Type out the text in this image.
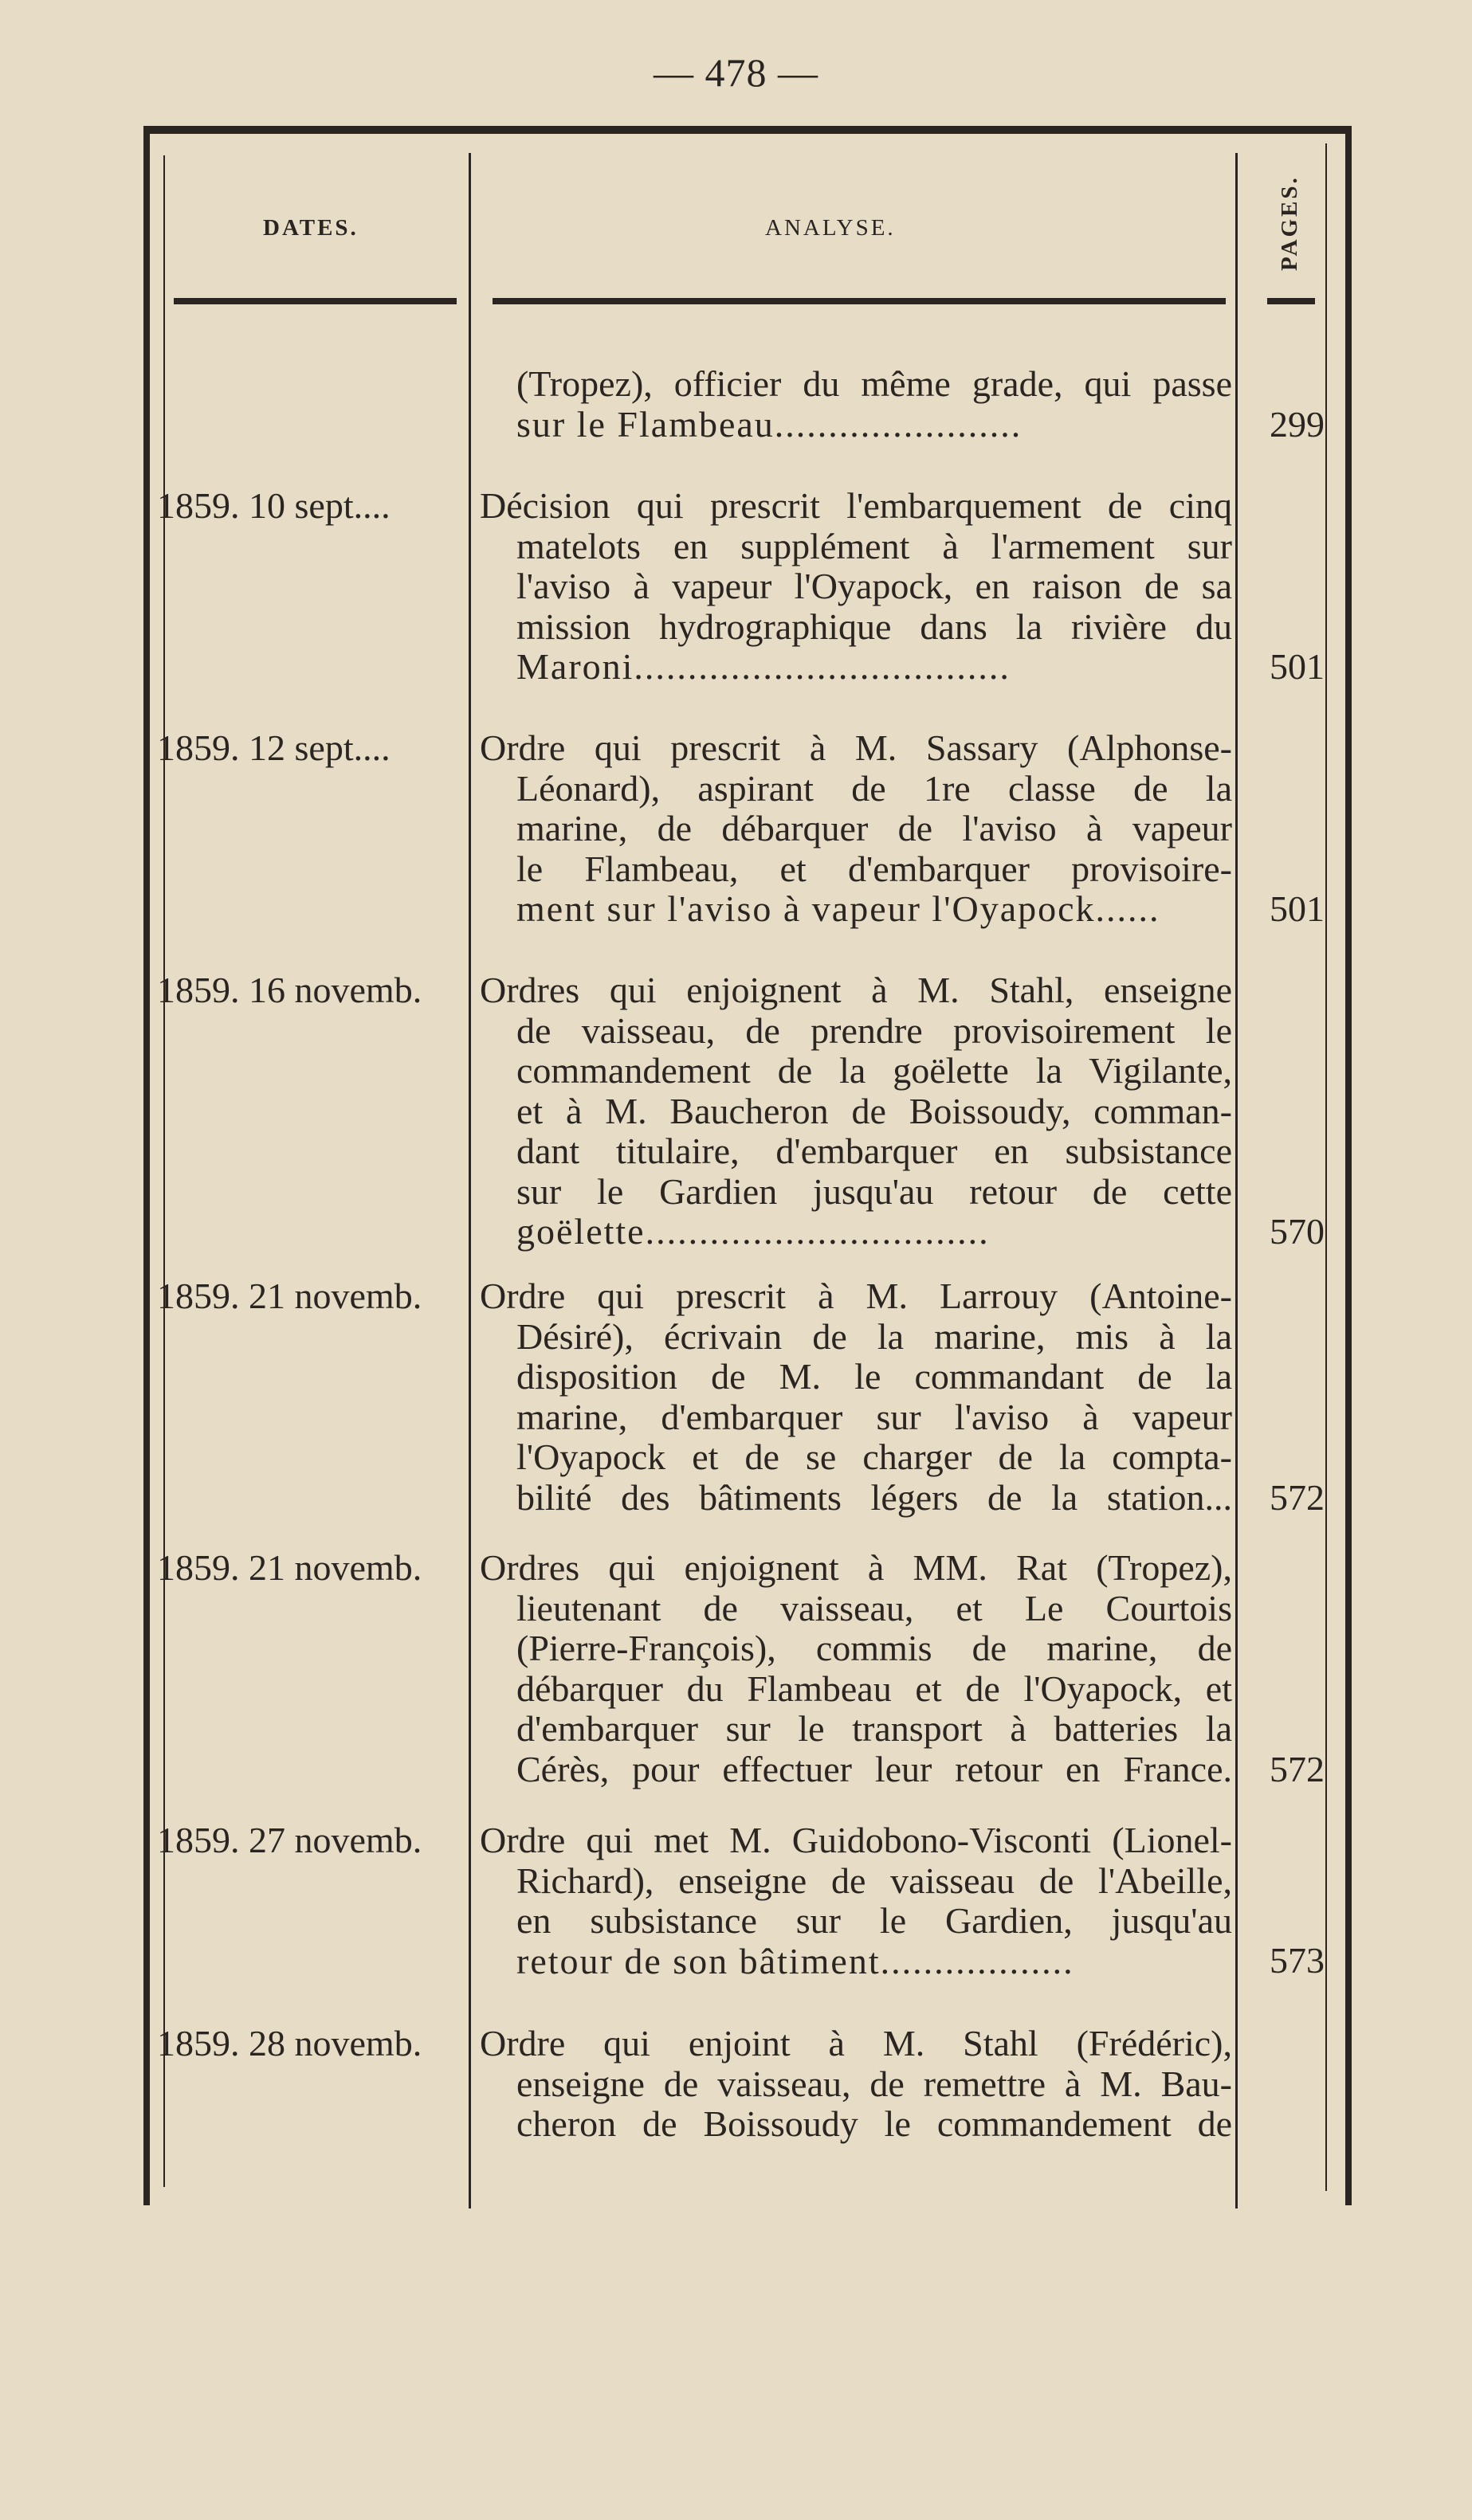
— 478 —
DATES.	ANALYSE.	PAGES.
(Tropez), officier du même grade, qui passe
sur le Flambeau.......................	299
1859. 10 sept....	Décision qui prescrit l'embarquement de cinq
matelots en supplément à l'armement sur
l'aviso à vapeur l'Oyapock, en raison de sa
mission hydrographique dans la rivière du
Maroni...................................	501
1859. 12 sept....	Ordre qui prescrit à M. Sassary (Alphonse-
Léonard), aspirant de 1re classe de la
marine, de débarquer de l'aviso à vapeur
le Flambeau, et d'embarquer provisoire-
ment sur l'aviso à vapeur l'Oyapock......	501
1859. 16 novemb.	Ordres qui enjoignent à M. Stahl, enseigne
de vaisseau, de prendre provisoirement le
commandement de la goëlette la Vigilante,
et à M. Baucheron de Boissoudy, comman-
dant titulaire, d'embarquer en subsistance
sur le Gardien jusqu'au retour de cette
goëlette................................	570
1859. 21 novemb.	Ordre qui prescrit à M. Larrouy (Antoine-
Désiré), écrivain de la marine, mis à la
disposition de M. le commandant de la
marine, d'embarquer sur l'aviso à vapeur
l'Oyapock et de se charger de la compta-
bilité des bâtiments légers de la station...	572
1859. 21 novemb.	Ordres qui enjoignent à MM. Rat (Tropez),
lieutenant de vaisseau, et Le Courtois
(Pierre-François), commis de marine, de
débarquer du Flambeau et de l'Oyapock, et
d'embarquer sur le transport à batteries la
Cérès, pour effectuer leur retour en France.	572
1859. 27 novemb.	Ordre qui met M. Guidobono-Visconti (Lionel-
Richard), enseigne de vaisseau de l'Abeille,
en subsistance sur le Gardien, jusqu'au
retour de son bâtiment..................	573
1859. 28 novemb.	Ordre qui enjoint à M. Stahl (Frédéric),
enseigne de vaisseau, de remettre à M. Bau-
cheron de Boissoudy le commandement de
